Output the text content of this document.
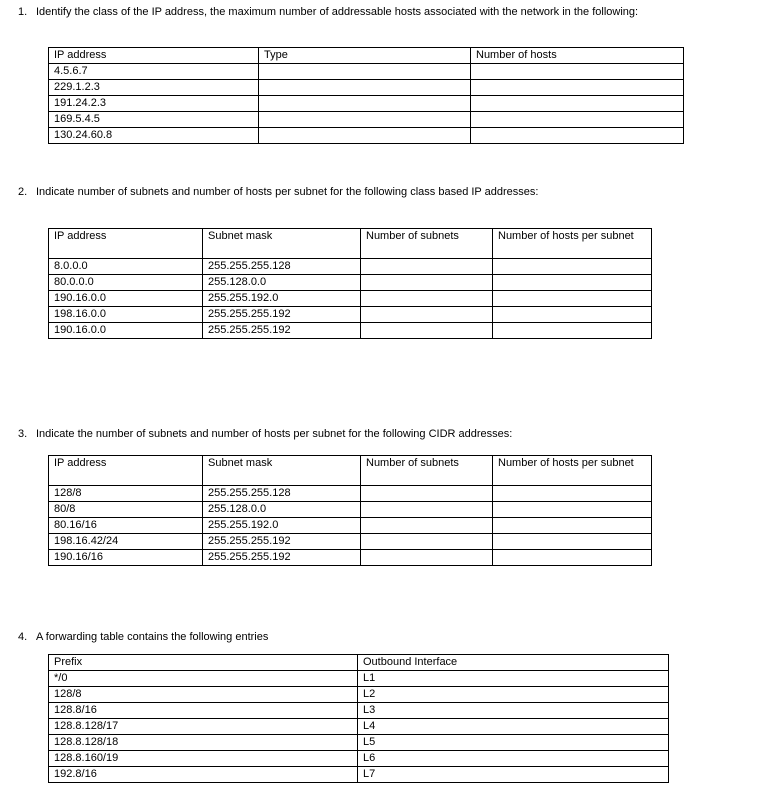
1. Identify the class of the IP address, the maximum number of addressable hosts associated with the network in the following:
IP address	Type	Number of hosts
4.5.6.7		
229.1.2.3		
191.24.2.3		
169.5.4.5		
130.24.60.8		
2. Indicate number of subnets and number of hosts per subnet for the following class based IP addresses:
IP address	Subnet mask	Number of subnets	Number of hosts per subnet
8.0.0.0	255.255.255.128		
80.0.0.0	255.128.0.0		
190.16.0.0	255.255.192.0		
198.16.0.0	255.255.255.192		
190.16.0.0	255.255.255.192		
3. Indicate the number of subnets and number of hosts per subnet for the following CIDR addresses:
IP address	Subnet mask	Number of subnets	Number of hosts per subnet
128/8	255.255.255.128		
80/8	255.128.0.0		
80.16/16	255.255.192.0		
198.16.42/24	255.255.255.192		
190.16/16	255.255.255.192		
4. A forwarding table contains the following entries
Prefix	Outbound Interface
*/0	L1
128/8	L2
128.8/16	L3
128.8.128/17	L4
128.8.128/18	L5
128.8.160/19	L6
192.8/16	L7
